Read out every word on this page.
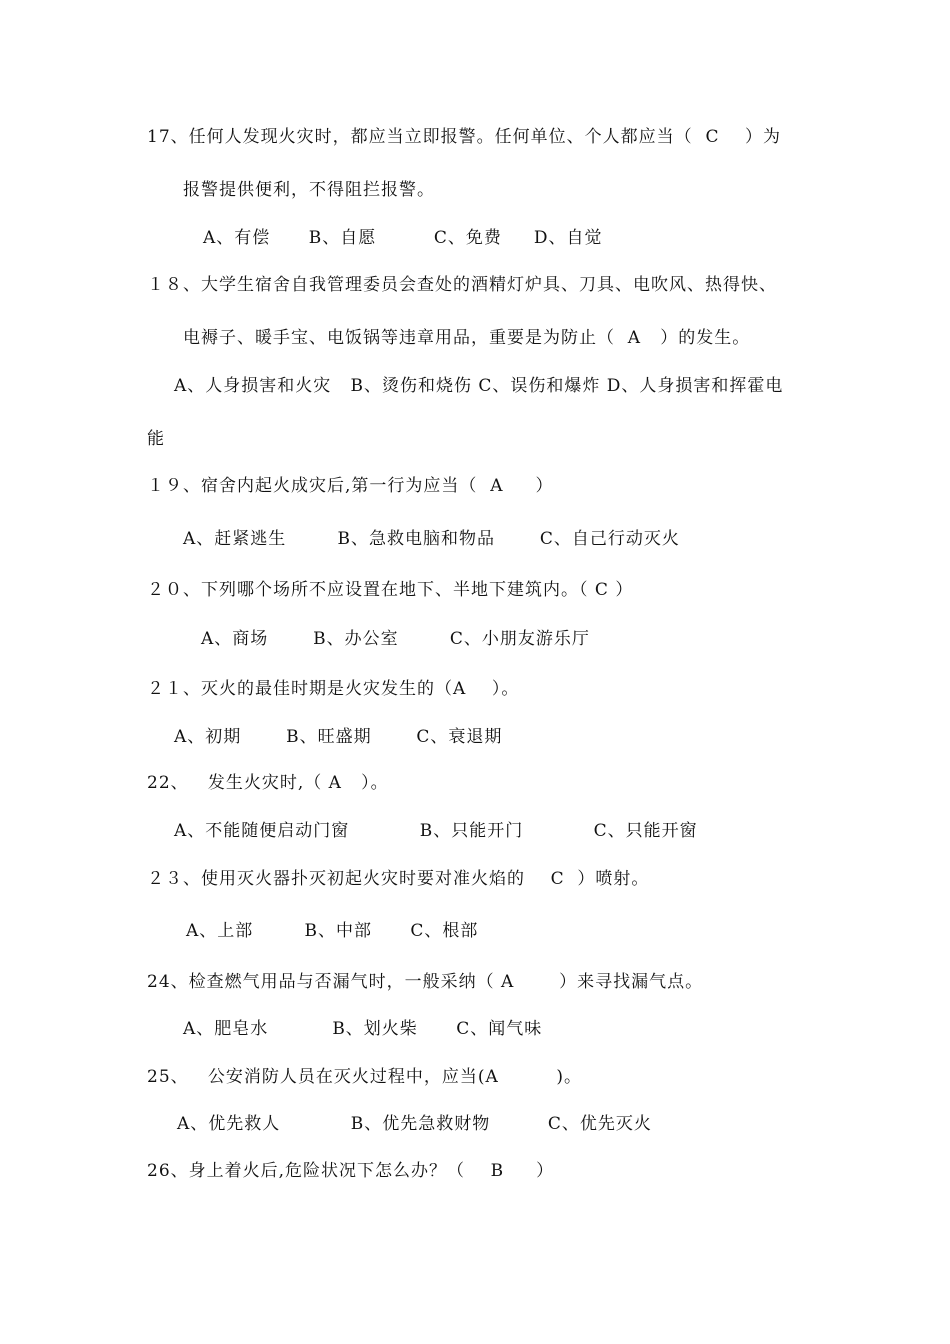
17、任何人发现火灾时，都应当立即报警。任何单位、个人都应当（  C    ）为
报警提供便利，不得阻拦报警。
A、有偿      B、自愿         C、免费     D、自觉
１８、大学生宿舍自我管理委员会查处的酒精灯炉具、刀具、电吹风、热得快、
电褥子、暖手宝、电饭锅等违章用品，重要是为防止（  A   ）的发生。
A、人身损害和火灾   B、烫伤和烧伤 C、误伤和爆炸 D、人身损害和挥霍电
能
１９、宿舍内起火成灾后,第一行为应当（  A     ）
A、赶紧逃生        B、急救电脑和物品       C、自己行动灭火
２０、下列哪个场所不应设置在地下、半地下建筑内。（ C ）
A、商场       B、办公室        C、小朋友游乐厅
２１、灭火的最佳时期是火灾发生的（A    ）。
A、初期       B、旺盛期       C、衰退期
22、   发生火灾时,（ A   ）。
A、不能随便启动门窗           B、只能开门           C、只能开窗
２３、使用灭火器扑灭初起火灾时要对准火焰的    C  ）喷射。
A、上部        B、中部      C、根部
24、检查燃气用品与否漏气时，一般采纳（ A       ）来寻找漏气点。
A、肥皂水          B、划火柴      C、闻气味
25、   公安消防人员在灭火过程中，应当(A         )。
A、优先救人           B、优先急救财物         C、优先灭火
26、身上着火后,危险状况下怎么办？（    B     ）
